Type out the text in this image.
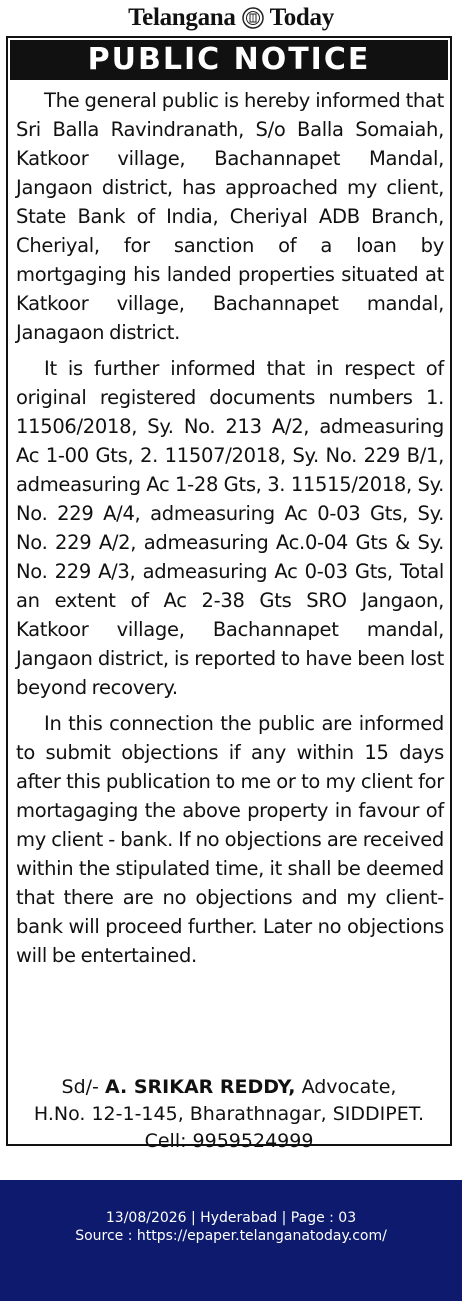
Telangana Today
PUBLIC NOTICE

The general public is hereby informed that Sri Balla Ravindranath, S/o Balla Somaiah, Katkoor village, Bachannapet Mandal, Jangaon district, has approached my client, State Bank of India, Cheriyal ADB Branch, Cheriyal, for sanction of a loan by mortgaging his landed properties situated at Katkoor village, Bachannapet mandal, Janagaon district.

It is further informed that in respect of original registered documents numbers 1. 11506/2018, Sy. No. 213 A/2, admeasuring Ac 1-00 Gts, 2. 11507/2018, Sy. No. 229 B/1, admeasuring Ac 1-28 Gts, 3. 11515/2018, Sy. No. 229 A/4, admeasuring Ac 0-03 Gts, Sy. No. 229 A/2, admeasuring Ac.0-04 Gts & Sy. No. 229 A/3, admeasuring Ac 0-03 Gts, Total an extent of Ac 2-38 Gts SRO Jangaon, Katkoor village, Bachannapet mandal, Jangaon district, is reported to have been lost beyond recovery.

In this connection the public are informed to submit objections if any within 15 days after this publication to me or to my client for mortagaging the above property in favour of my client - bank. If no objections are received within the stipulated time, it shall be deemed that there are no objections and my client-bank will proceed further. Later no objections will be entertained.

Sd/- A. SRIKAR REDDY, Advocate,
H.No. 12-1-145, Bharathnagar, SIDDIPET.
Cell: 9959524999
13/08/2026 | Hyderabad | Page : 03
Source : https://epaper.telanganatoday.com/
